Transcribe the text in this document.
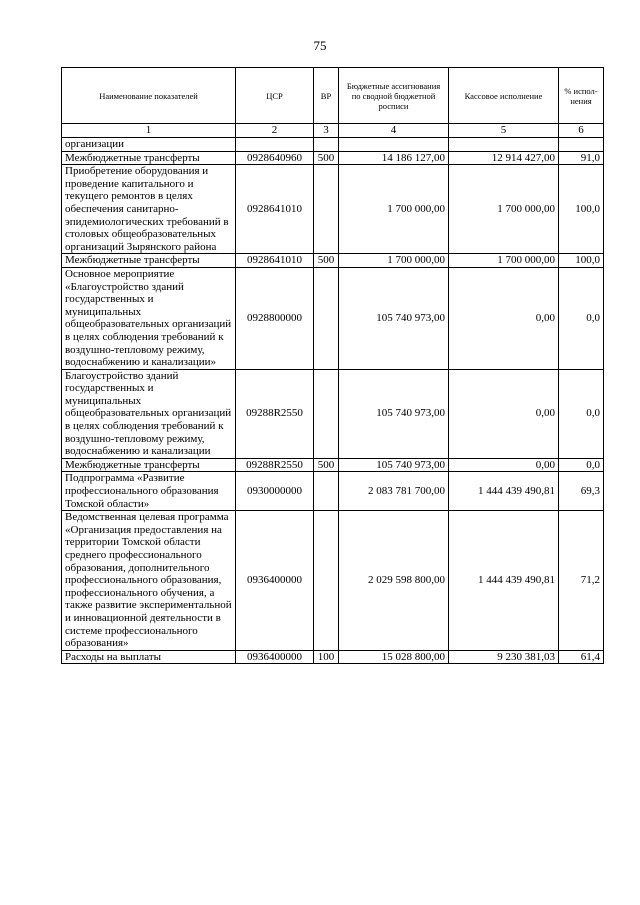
75
Наименование показателей	ЦСР	ВР	Бюджетные ассигнования по сводной бюджетной росписи	Кассовое исполнение	% испол-нения
1	2	3	4	5	6
организации					
Межбюджетные трансферты	0928640960	500	14 186 127,00	12 914 427,00	91,0
Приобретение оборудования и проведение капитального и текущего ремонтов в целях обеспечения санитарно-эпидемиологических требований в столовых общеобразовательных организаций Зырянского района	0928641010		1 700 000,00	1 700 000,00	100,0
Межбюджетные трансферты	0928641010	500	1 700 000,00	1 700 000,00	100,0
Основное мероприятие «Благоустройство зданий государственных и муниципальных общеобразовательных организаций в целях соблюдения требований к воздушно-тепловому режиму, водоснабжению и канализации»	0928800000		105 740 973,00	0,00	0,0
Благоустройство зданий государственных и муниципальных общеобразовательных организаций в целях соблюдения требований к воздушно-тепловому режиму, водоснабжению и канализации	09288R2550		105 740 973,00	0,00	0,0
Межбюджетные трансферты	09288R2550	500	105 740 973,00	0,00	0,0
Подпрограмма «Развитие профессионального образования Томской области»	0930000000		2 083 781 700,00	1 444 439 490,81	69,3
Ведомственная целевая программа «Организация предоставления на территории Томской области среднего профессионального образования, дополнительного профессионального образования, профессионального обучения, а также развитие экспериментальной и инновационной деятельности в системе профессионального образования»	0936400000		2 029 598 800,00	1 444 439 490,81	71,2
Расходы на выплаты	0936400000	100	15 028 800,00	9 230 381,03	61,4
